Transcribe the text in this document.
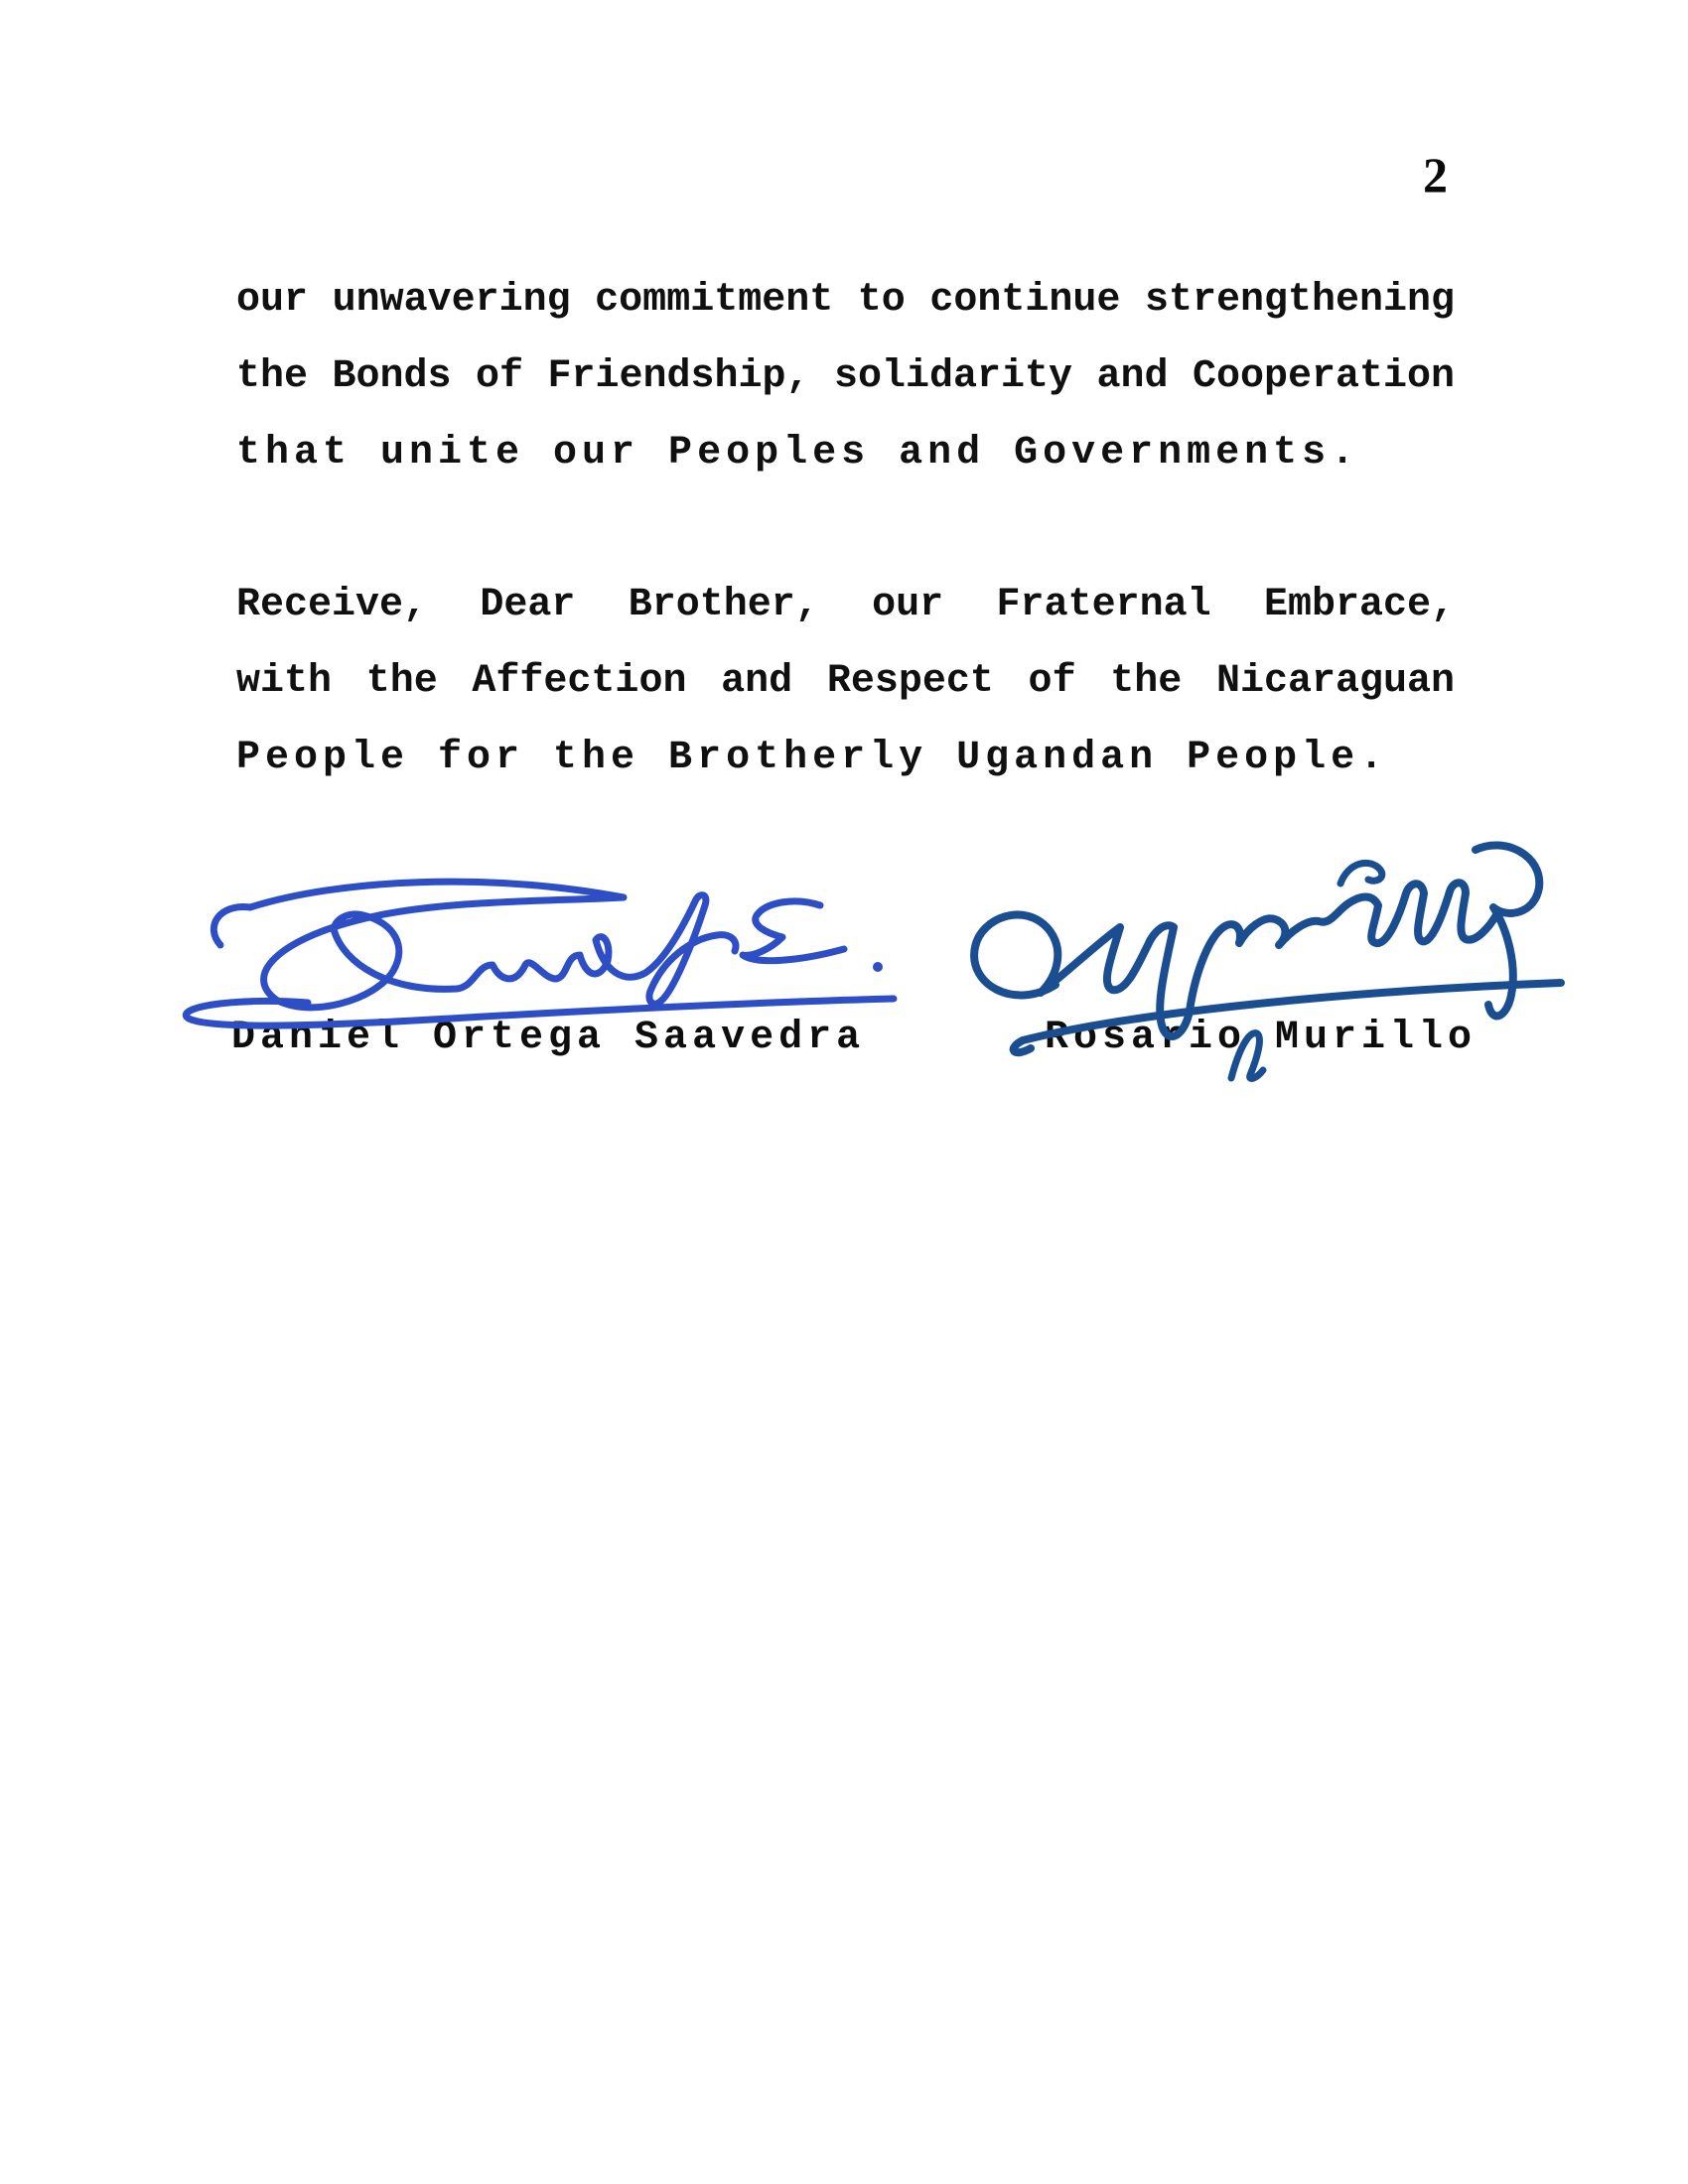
2
our unwavering commitment to continue strengthening
the Bonds of Friendship, solidarity and Cooperation
that unite our Peoples and Governments.
Receive, Dear Brother, our Fraternal Embrace,
with the Affection and Respect of the Nicaraguan
People for the Brotherly Ugandan People.
Daniel Ortega Saavedra	Rosario Murillo
